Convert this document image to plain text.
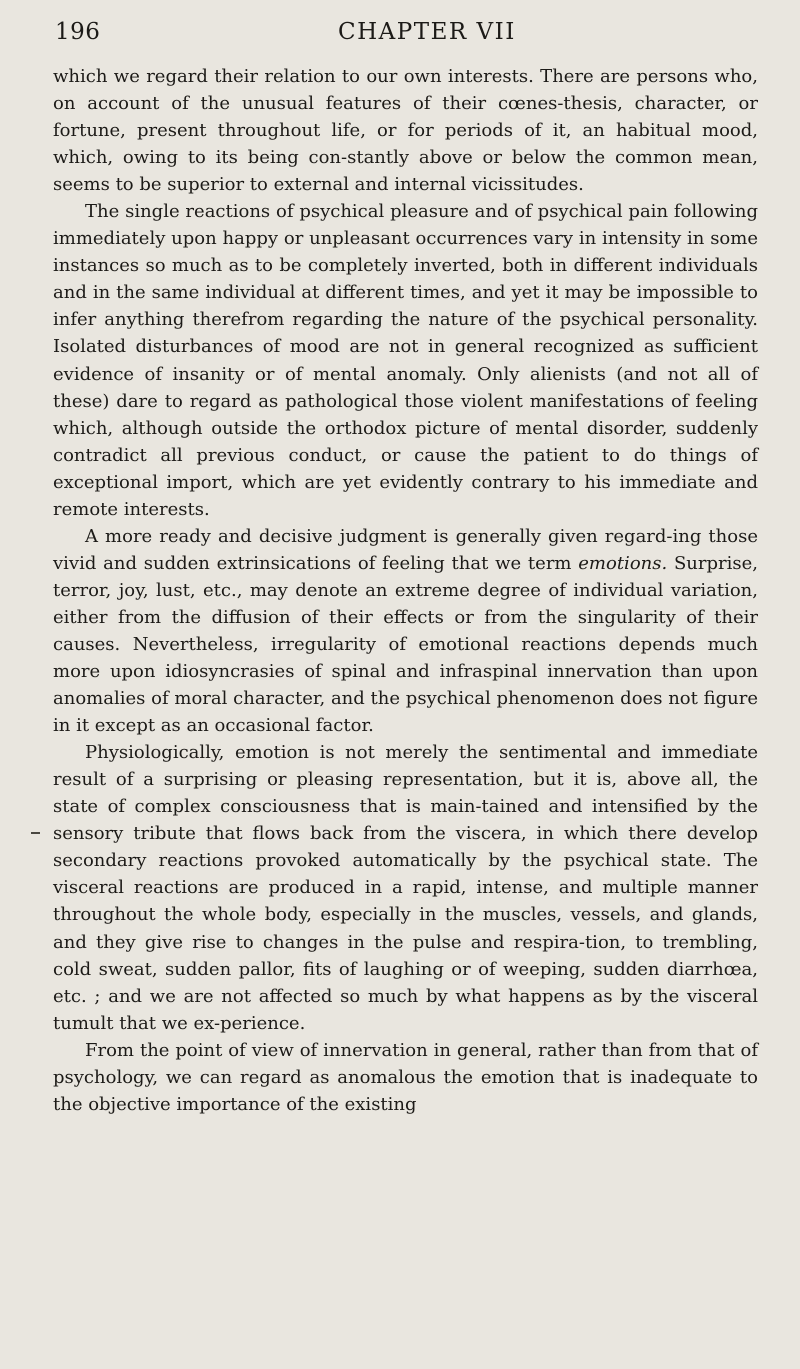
196	CHAPTER VII

which we regard their relation to our own interests. There are persons who, on account of the unusual features of their cœnes-thesis, character, or fortune, present throughout life, or for periods of it, an habitual mood, which, owing to its being con-stantly above or below the common mean, seems to be superior to external and internal vicissitudes.

The single reactions of psychical pleasure and of psychical pain following immediately upon happy or unpleasant occurrences vary in intensity in some instances so much as to be completely inverted, both in different individuals and in the same individual at different times, and yet it may be impossible to infer anything therefrom regarding the nature of the psychical personality. Isolated disturbances of mood are not in general recognized as sufficient evidence of insanity or of mental anomaly. Only alienists (and not all of these) dare to regard as pathological those violent manifestations of feeling which, although outside the orthodox picture of mental disorder, suddenly contradict all previous conduct, or cause the patient to do things of exceptional import, which are yet evidently contrary to his immediate and remote interests.

A more ready and decisive judgment is generally given regard-ing those vivid and sudden extrinsications of feeling that we term emotions. Surprise, terror, joy, lust, etc., may denote an extreme degree of individual variation, either from the diffusion of their effects or from the singularity of their causes. Nevertheless, irregularity of emotional reactions depends much more upon idiosyncrasies of spinal and infraspinal innervation than upon anomalies of moral character, and the psychical phenomenon does not figure in it except as an occasional factor.

Physiologically, emotion is not merely the sentimental and immediate result of a surprising or pleasing representation, but it is, above all, the state of complex consciousness that is main-tained and intensified by the sensory tribute that flows back from the viscera, in which there develop secondary reactions provoked automatically by the psychical state. The visceral reactions are produced in a rapid, intense, and multiple manner throughout the whole body, especially in the muscles, vessels, and glands, and they give rise to changes in the pulse and respira-tion, to trembling, cold sweat, sudden pallor, fits of laughing or of weeping, sudden diarrhœa, etc. ; and we are not affected so much by what happens as by the visceral tumult that we ex-perience.

From the point of view of innervation in general, rather than from that of psychology, we can regard as anomalous the emotion that is inadequate to the objective importance of the existing
